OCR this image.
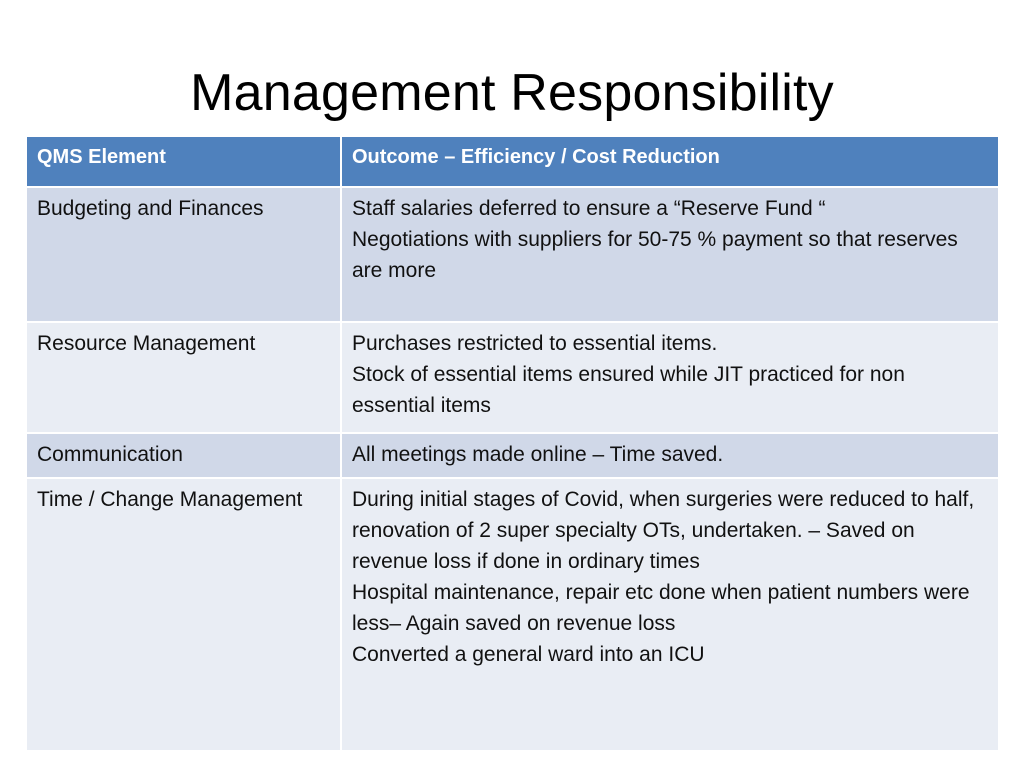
Management Responsibility
QMS Element	Outcome – Efficiency / Cost Reduction
Budgeting and Finances	Staff salaries deferred to ensure a “Reserve Fund “
Negotiations with suppliers for 50-75 % payment so that reserves are more

Resource Management	Purchases restricted to essential items.
Stock of essential items ensured while JIT practiced for non essential items

Communication	All meetings made online – Time saved.

Time / Change Management	During initial stages of Covid, when surgeries were reduced to half, renovation of 2 super specialty OTs, undertaken. – Saved on revenue loss if done in ordinary times
Hospital maintenance, repair etc done when patient numbers were less– Again saved on revenue loss
Converted a general ward into an ICU
